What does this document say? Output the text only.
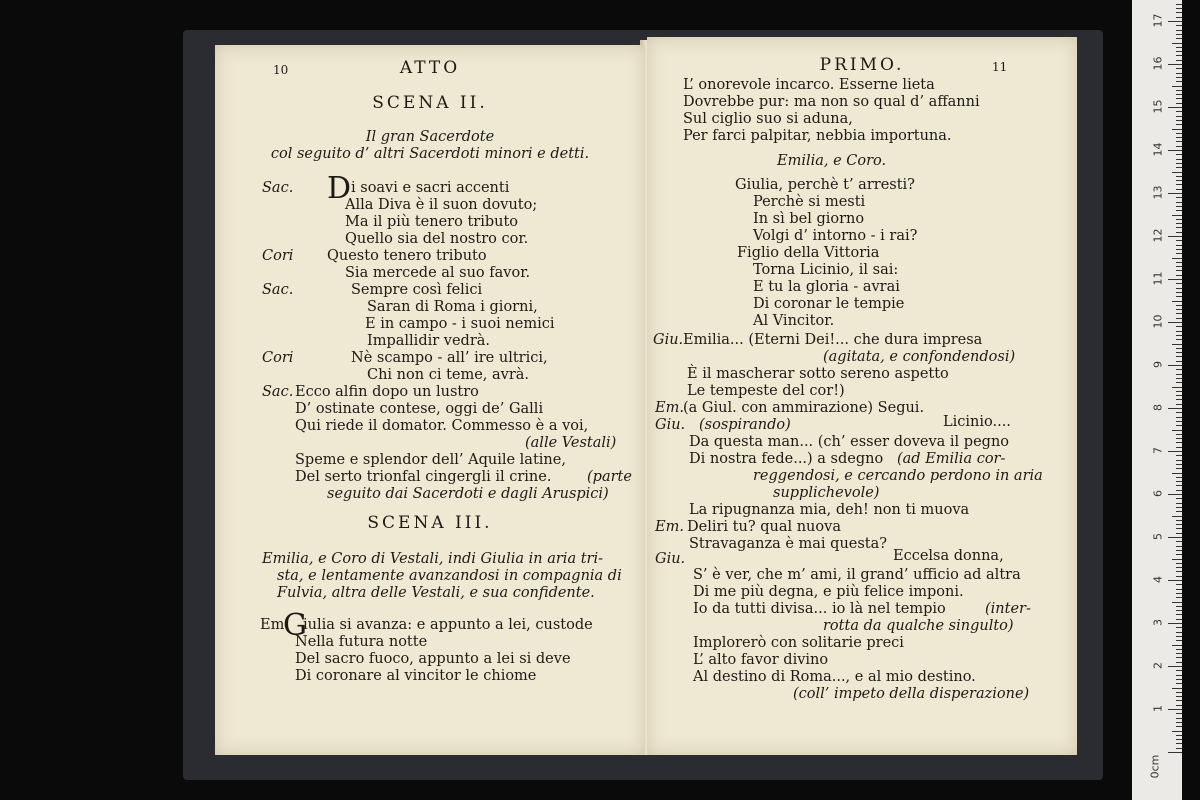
10	ATTO
SCENA II.
Il gran Sacerdote
col seguito d’ altri Sacerdoti minori e detti.
Sac. D i soavi e sacri accenti
Alla Diva è il suon dovuto;
Ma il più tenero tributo
Quello sia del nostro cor.
Cori Questo tenero tributo
Sia mercede al suo favor.
Sac.	Sempre così felici
Saran di Roma i giorni,
E in campo - i suoi nemici
Impallidir vedrà.
Cori	Nè scampo - all’ ire ultrici,
Chi non ci teme, avrà.
Sac. Ecco alfin dopo un lustro
D’ ostinate contese, oggi de’ Galli
Qui riede il domator. Commesso è a voi,
(alle Vestali)
Speme e splendor dell’ Aquile latine,
Del serto trionfal cingergli il crine. (parte
seguito dai Sacerdoti e dagli Aruspici)
SCENA III.
Emilia, e Coro di Vestali, indi Giulia in aria tri-
sta, e lentamente avanzandosi in compagnia di
Fulvia, altra delle Vestali, e sua confidente.
Em.
G
iulia si avanza: e appunto a lei, custode
Nella futura notte
Del sacro fuoco, appunto a lei si deve
Di coronare al vincitor le chiome
PRIMO.	11
L’ onorevole incarco. Esserne lieta
Dovrebbe pur: ma non so qual d’ affanni
Sul ciglio suo si aduna,
Per farci palpitar, nebbia importuna.
Emilia, e Coro.
Giulia, perchè t’ arresti?
Perchè si mesti
In sì bel giorno
Volgi d’ intorno - i rai?
Figlio della Vittoria
Torna Licinio, il sai:
E tu la gloria - avrai
Di coronar le tempie
Al Vincitor.
Giu. Emilia... (Eterni Dei!... che dura impresa
(agitata, e confondendosi)
È il mascherar sotto sereno aspetto
Le tempeste del cor!)
Em. (a Giul. con ammirazione) Segui.
Giu. (sospirando)	Licinio....
Da questa man... (ch’ esser doveva il pegno
Di nostra fede...) a sdegno (ad Emilia cor-
reggendosi, e cercando perdono in aria
supplichevole)
La ripugnanza mia, deh! non ti muova
Em. Deliri tu? qual nuova
Stravaganza è mai questa?
Giu.	Eccelsa donna,
S’ è ver, che m’ ami, il grand’ ufficio ad altra
Di me più degna, e più felice imponi.
Io da tutti divisa... io là nel tempio	(inter-
rotta da qualche singulto)
Implorerò con solitarie preci
L’ alto favor divino
Al destino di Roma..., e al mio destino.
(coll’ impeto della disperazione)
1
2
3
4
5
6
7
8
9
10
11
12
13
14
15
16
17
0cm
